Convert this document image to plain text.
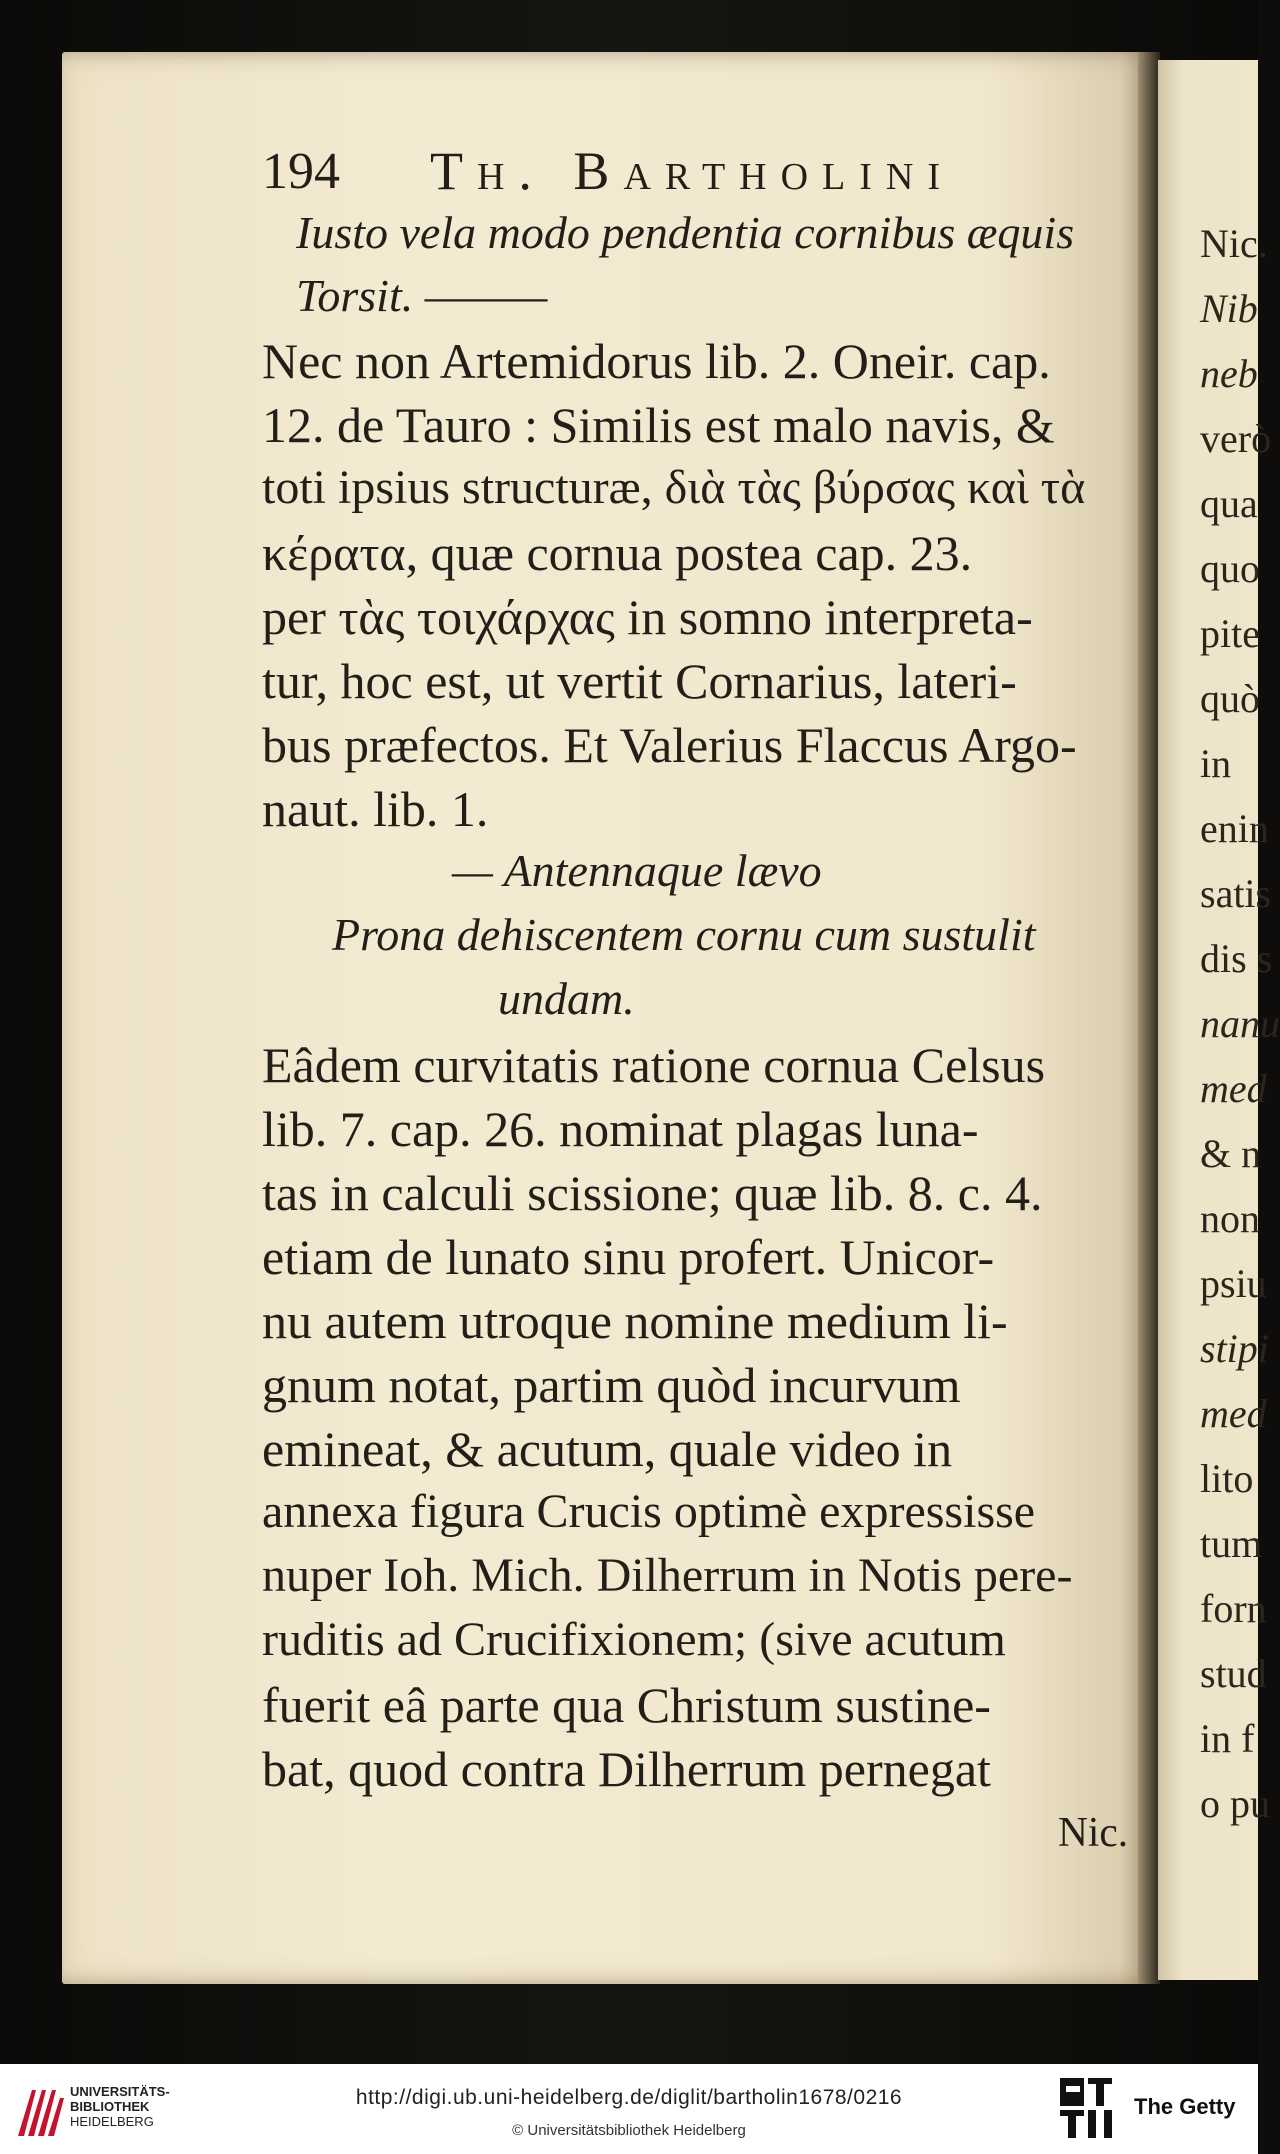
Nic.
Nib
neb
verò
qua
quo
pite
quò
in
enin
satis
dis s
nanu
med
& n
non
psiu
stipi
med
lito
tum
forn
stud
in f
o pu
194 Th. Bartholini
Iusto vela modo pendentia cornibus æquis
Torsit. ———
Nec non Artemidorus lib. 2. Oneir. cap.
12. de Tauro : Similis est malo navis, &
toti ipsius structuræ, διὰ τὰς βύρσας καὶ τὰ
κέρατα, quæ cornua postea cap. 23.
per τὰς τοιχάρχας in somno interpreta-
tur, hoc est, ut vertit Cornarius, lateri-
bus præfectos. Et Valerius Flaccus Argo-
naut. lib. 1.
— Antennaque lævo
Prona dehiscentem cornu cum sustulit
undam.
Eâdem curvitatis ratione cornua Celsus
lib. 7. cap. 26. nominat plagas luna-
tas in calculi scissione; quæ lib. 8. c. 4.
etiam de lunato sinu profert. Unicor-
nu autem utroque nomine medium li-
gnum notat, partim quòd incurvum
emineat, & acutum, quale video in
annexa figura Crucis optimè expressisse
nuper Ioh. Mich. Dilherrum in Notis pere-
ruditis ad Crucifixionem; (sive acutum
fuerit eâ parte qua Christum sustine-
bat, quod contra Dilherrum pernegat
Nic.
UNIVERSITÄTS-
BIBLIOTHEK
HEIDELBERG
http://digi.ub.uni-heidelberg.de/diglit/bartholin1678/0216
© Universitätsbibliothek Heidelberg
The Getty
